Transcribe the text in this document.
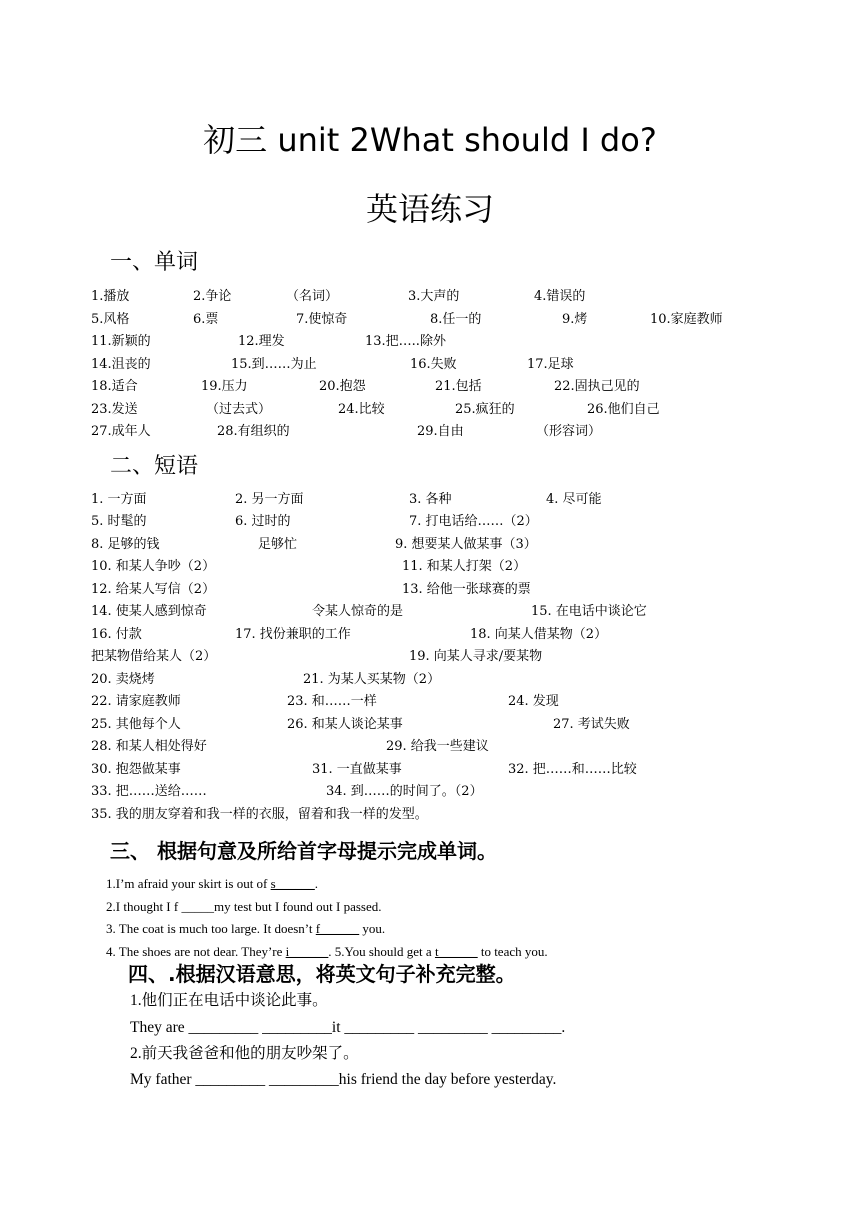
初三 unit 2What should I do?
英语练习
一、单词
1.播放	2.争论	（名词）	3.大声的	4.错误的
5.风格	6.票	7.使惊奇	8.任一的	9.烤	10.家庭教师
11.新颖的	12.理发	13.把…..除外
14.沮丧的	15.到……为止	16.失败	17.足球
18.适合	19.压力	20.抱怨	21.包括	22.固执己见的
23.发送	（过去式）	24.比较	25.疯狂的	26.他们自己
27.成年人	28.有组织的	29.自由	（形容词）
二、短语
1. 一方面	2. 另一方面	3. 各种	4. 尽可能
5. 时髦的	6. 过时的	7. 打电话给……（2）
8. 足够的钱	足够忙	9. 想要某人做某事（3）
10. 和某人争吵（2）	11. 和某人打架（2）
12. 给某人写信（2）	13. 给他一张球赛的票
14. 使某人感到惊奇	令某人惊奇的是	15. 在电话中谈论它
16. 付款	17. 找份兼职的工作	18. 向某人借某物（2）
把某物借给某人（2）	19. 向某人寻求/要某物
20. 卖烧烤	21. 为某人买某物（2）
22. 请家庭教师	23. 和……一样	24. 发现
25. 其他每个人	26. 和某人谈论某事	27. 考试失败
28. 和某人相处得好	29. 给我一些建议
30. 抱怨做某事	31. 一直做某事	32. 把……和……比较
33. 把……送给……	34. 到……的时间了。（2）
35. 我的朋友穿着和我一样的衣服，留着和我一样的发型。
三、 根据句意及所给首字母提示完成单词。
1.I’m afraid your skirt is out of s______.
2.I thought I f _____my test but I found out I passed.
3. The coat is much too large. It doesn’t f______ you.
4. The shoes are not dear. They’re i______. 5.You should get a t______ to teach you.
四、.根据汉语意思，将英文句子补充完整。
1.他们正在电话中谈论此事。
They are _________ _________it _________ _________ _________.
2.前天我爸爸和他的朋友吵架了。
My father _________ _________his friend the day before yesterday.
